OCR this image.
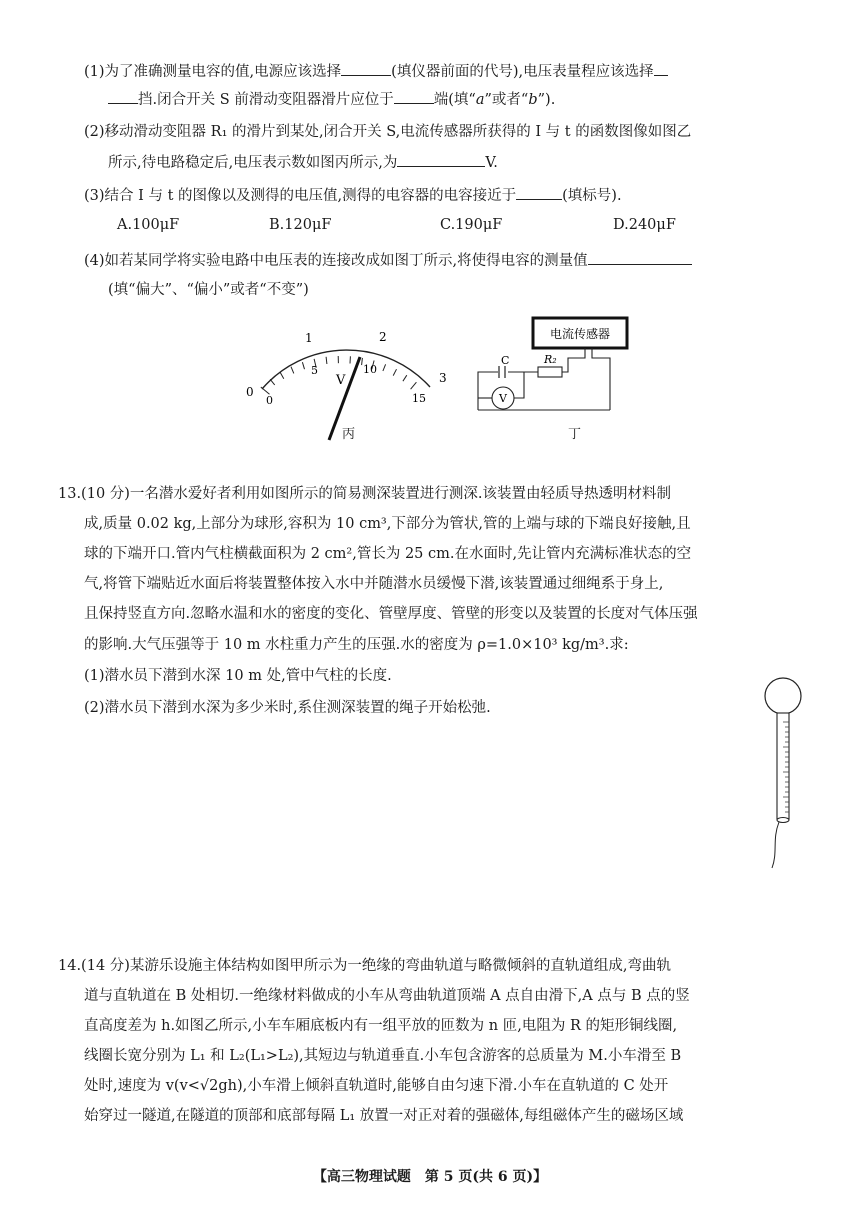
(1)为了准确测量电容的值,电源应该选择	(填仪器前面的代号),电压表量程应该选择
挡.闭合开关 S 前滑动变阻器滑片应位于	端(填“a”或者“b”).
(2)移动滑动变阻器 R₁ 的滑片到某处,闭合开关 S,电流传感器所获得的 I 与 t 的函数图像如图乙
所示,待电路稳定后,电压表示数如图丙所示,为	V.
(3)结合 I 与 t 的图像以及测得的电压值,测得的电容器的电容接近于	(填标号).
A.100μF	B.120μF	C.190μF	D.240μF
(4)如若某同学将实验电路中电压表的连接改成如图丁所示,将使得电容的测量值
(填“偏大”、“偏小”或者“不变”)
V
0
1	2
3
0
5	10
15
丙
电流传感器
C	R₂
V
丁
13.(10 分)一名潜水爱好者利用如图所示的简易测深装置进行测深.该装置由轻质导热透明材料制
成,质量 0.02 kg,上部分为球形,容积为 10 cm³,下部分为管状,管的上端与球的下端良好接触,且
球的下端开口.管内气柱横截面积为 2 cm²,管长为 25 cm.在水面时,先让管内充满标准状态的空
气,将管下端贴近水面后将装置整体按入水中并随潜水员缓慢下潜,该装置通过细绳系于身上,
且保持竖直方向.忽略水温和水的密度的变化、管壁厚度、管壁的形变以及装置的长度对气体压强
的影响.大气压强等于 10 m 水柱重力产生的压强.水的密度为 ρ=1.0×10³ kg/m³.求:
(1)潜水员下潜到水深 10 m 处,管中气柱的长度.
(2)潜水员下潜到水深为多少米时,系住测深装置的绳子开始松弛.
14.(14 分)某游乐设施主体结构如图甲所示为一绝缘的弯曲轨道与略微倾斜的直轨道组成,弯曲轨
道与直轨道在 B 处相切.一绝缘材料做成的小车从弯曲轨道顶端 A 点自由滑下,A 点与 B 点的竖
直高度差为 h.如图乙所示,小车车厢底板内有一组平放的匝数为 n 匝,电阻为 R 的矩形铜线圈,
线圈长宽分别为 L₁ 和 L₂(L₁>L₂),其短边与轨道垂直.小车包含游客的总质量为 M.小车滑至 B
处时,速度为 v(v<√2gh),小车滑上倾斜直轨道时,能够自由匀速下滑.小车在直轨道的 C 处开
始穿过一隧道,在隧道的顶部和底部每隔 L₁ 放置一对正对着的强磁体,每组磁体产生的磁场区域
【高三物理试题　第 5 页(共 6 页)】
